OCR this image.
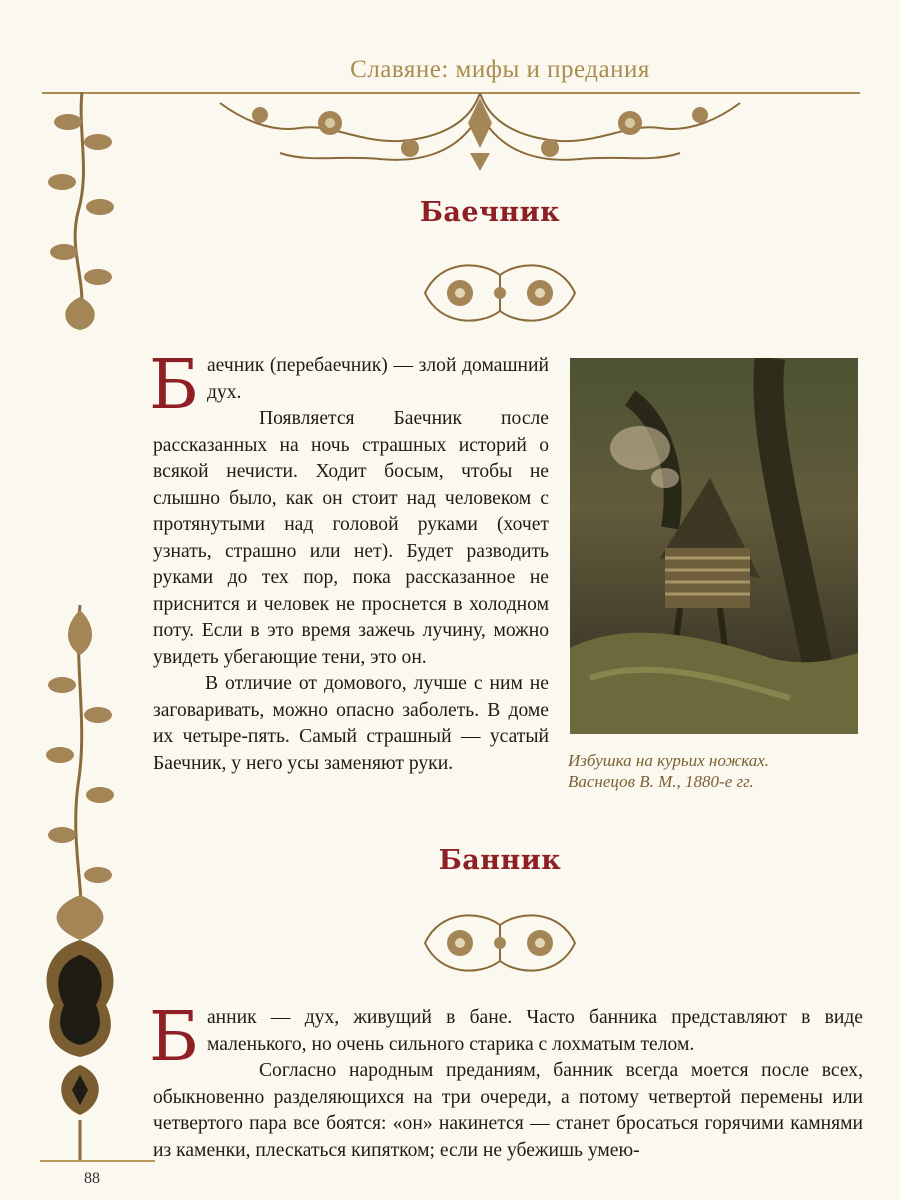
Славяне: мифы и предания
Баечник

Баечник (перебаечник) — злой домашний дух.

Появляется Баечник после рассказанных на ночь страшных историй о всякой нечисти. Ходит босым, чтобы не слышно было, как он стоит над человеком с протянутыми над головой руками (хочет узнать, страшно или нет). Будет разводить руками до тех пор, пока рассказанное не приснится и человек не проснется в холодном поту. Если в это время зажечь лучину, можно увидеть убегающие тени, это он.

В отличие от домового, лучше с ним не заговаривать, можно опасно заболеть. В доме их четыре-пять. Самый страшный — усатый Баечник, у него усы заменяют руки.	Избушка на курьих ножках.
Васнецов В. М., 1880-е гг.
Банник

Банник — дух, живущий в бане. Часто банника представляют в виде маленького, но очень сильного старика с лохматым телом.

Согласно народным преданиям, банник всегда моется после всех, обыкновенно разделяющихся на три очереди, а потому четвертой перемены или четвертого пара все боятся: «он» накинется — станет бросаться горячими камнями из каменки, плескаться кипятком; если не убежишь умею-

88
